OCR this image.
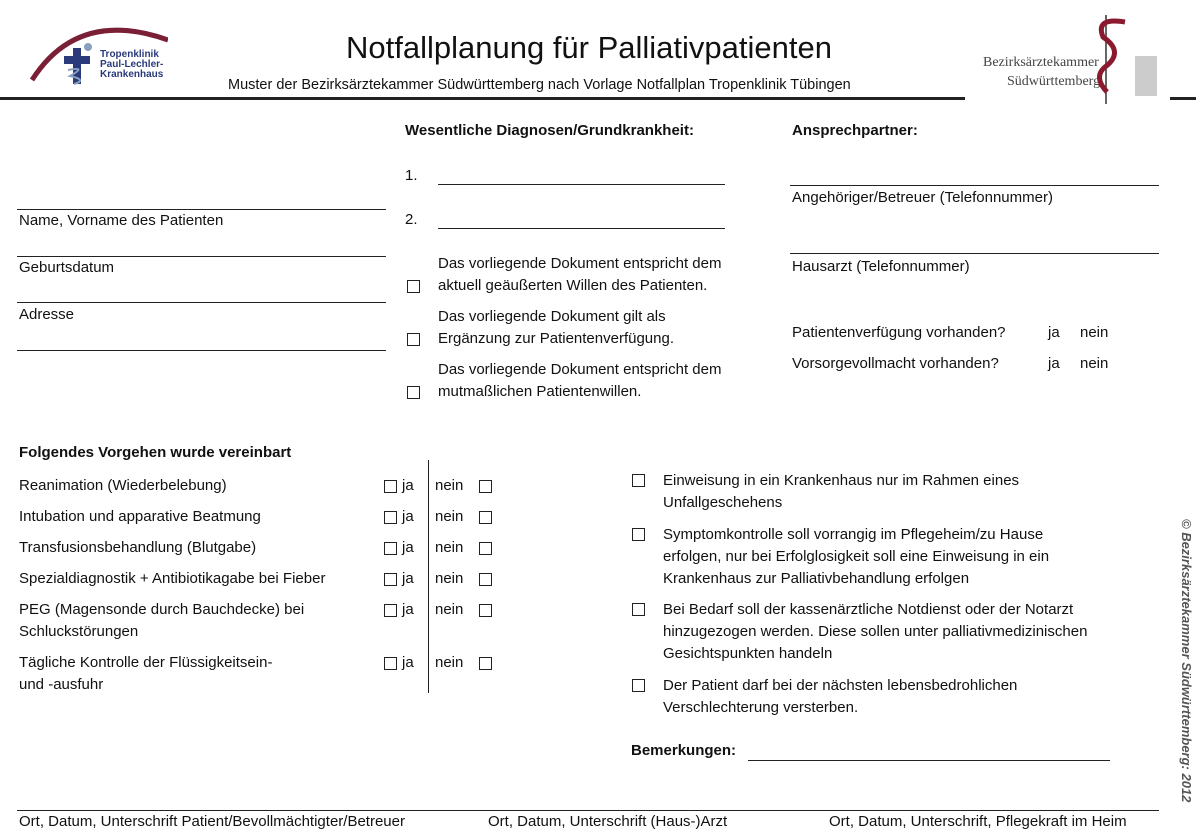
Tropenklinik
Paul-Lechler-
Krankenhaus
Notfallplanung für Palliativpatienten
Muster der Bezirksärztekammer Südwürttemberg nach Vorlage Notfallplan Tropenklinik Tübingen
Bezirksärztekammer
Südwürttemberg
Name, Vorname des Patienten
Geburtsdatum
Adresse
Wesentliche Diagnosen/Grundkrankheit:
1.
2.
Das vorliegende Dokument entspricht dem
aktuell geäußerten Willen des Patienten.
Das vorliegende Dokument gilt als
Ergänzung zur Patientenverfügung.
Das vorliegende Dokument entspricht dem
mutmaßlichen Patientenwillen.
Ansprechpartner:
Angehöriger/Betreuer (Telefonnummer)
Hausarzt (Telefonnummer)
Patientenverfügung vorhanden?	ja nein
Vorsorgevollmacht vorhanden?	ja nein
Folgendes Vorgehen wurde vereinbart
Reanimation (Wiederbelebung)	ja nein
Intubation und apparative Beatmung	ja nein
Transfusionsbehandlung (Blutgabe)	ja nein
Spezialdiagnostik + Antibiotikagabe bei Fieber	ja nein
PEG (Magensonde durch Bauchdecke) bei
Schluckstörungen
ja nein
Tägliche Kontrolle der Flüssigkeitsein-
und -ausfuhr
ja nein
Einweisung in ein Krankenhaus nur im Rahmen eines
Unfallgeschehens
Symptomkontrolle soll vorrangig im Pflegeheim/zu Hause
erfolgen, nur bei Erfolglosigkeit soll eine Einweisung in ein
Krankenhaus zur Palliativbehandlung erfolgen
Bei Bedarf soll der kassenärztliche Notdienst oder der Notarzt
hinzugezogen werden. Diese sollen unter palliativmedizinischen
Gesichtspunkten handeln
Der Patient darf bei der nächsten lebensbedrohlichen
Verschlechterung versterben.
Bemerkungen:
Ort, Datum, Unterschrift Patient/Bevollmächtigter/Betreuer	Ort, Datum, Unterschrift (Haus-)Arzt	Ort, Datum, Unterschrift, Pflegekraft im Heim
© Bezirksärztekammer Südwürttemberg: 2012
